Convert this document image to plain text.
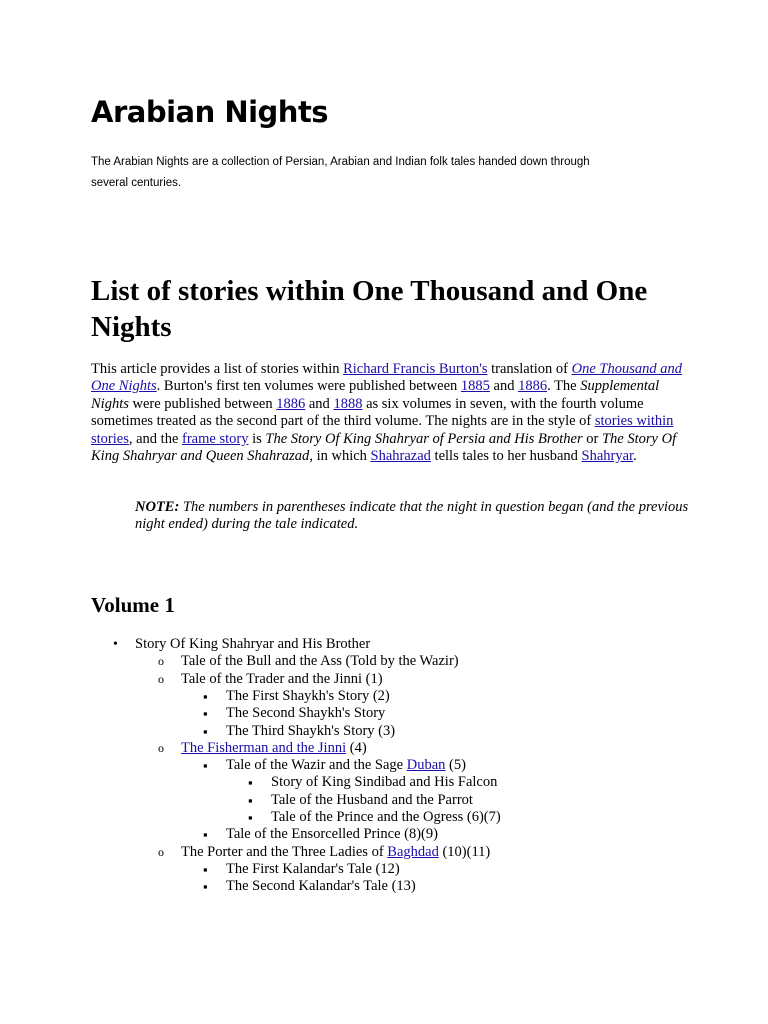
Arabian Nights

The Arabian Nights are a collection of Persian, Arabian and Indian folk tales handed down through
several centuries.

List of stories within One Thousand and One Nights

This article provides a list of stories within Richard Francis Burton's translation of One Thousand and One Nights. Burton's first ten volumes were published between 1885 and 1886. The Supplemental Nights were published between 1886 and 1888 as six volumes in seven, with the fourth volume sometimes treated as the second part of the third volume. The nights are in the style of stories within stories, and the frame story is The Story Of King Shahryar of Persia and His Brother or The Story Of King Shahryar and Queen Shahrazad, in which Shahrazad tells tales to her husband Shahryar.

NOTE: The numbers in parentheses indicate that the night in question began (and the previous night ended) during the tale indicated.

Volume 1
•
Story Of King Shahryar and His Brother
o
Tale of the Bull and the Ass (Told by the Wazir)
o
Tale of the Trader and the Jinni (1)
▪
The First Shaykh's Story (2)
▪
The Second Shaykh's Story
▪
The Third Shaykh's Story (3)
o
The Fisherman and the Jinni (4)
▪
Tale of the Wazir and the Sage Duban (5)
▪
Story of King Sindibad and His Falcon
▪
Tale of the Husband and the Parrot
▪
Tale of the Prince and the Ogress (6)(7)
▪
Tale of the Ensorcelled Prince (8)(9)
o
The Porter and the Three Ladies of Baghdad (10)(11)
▪
The First Kalandar's Tale (12)
▪
The Second Kalandar's Tale (13)
